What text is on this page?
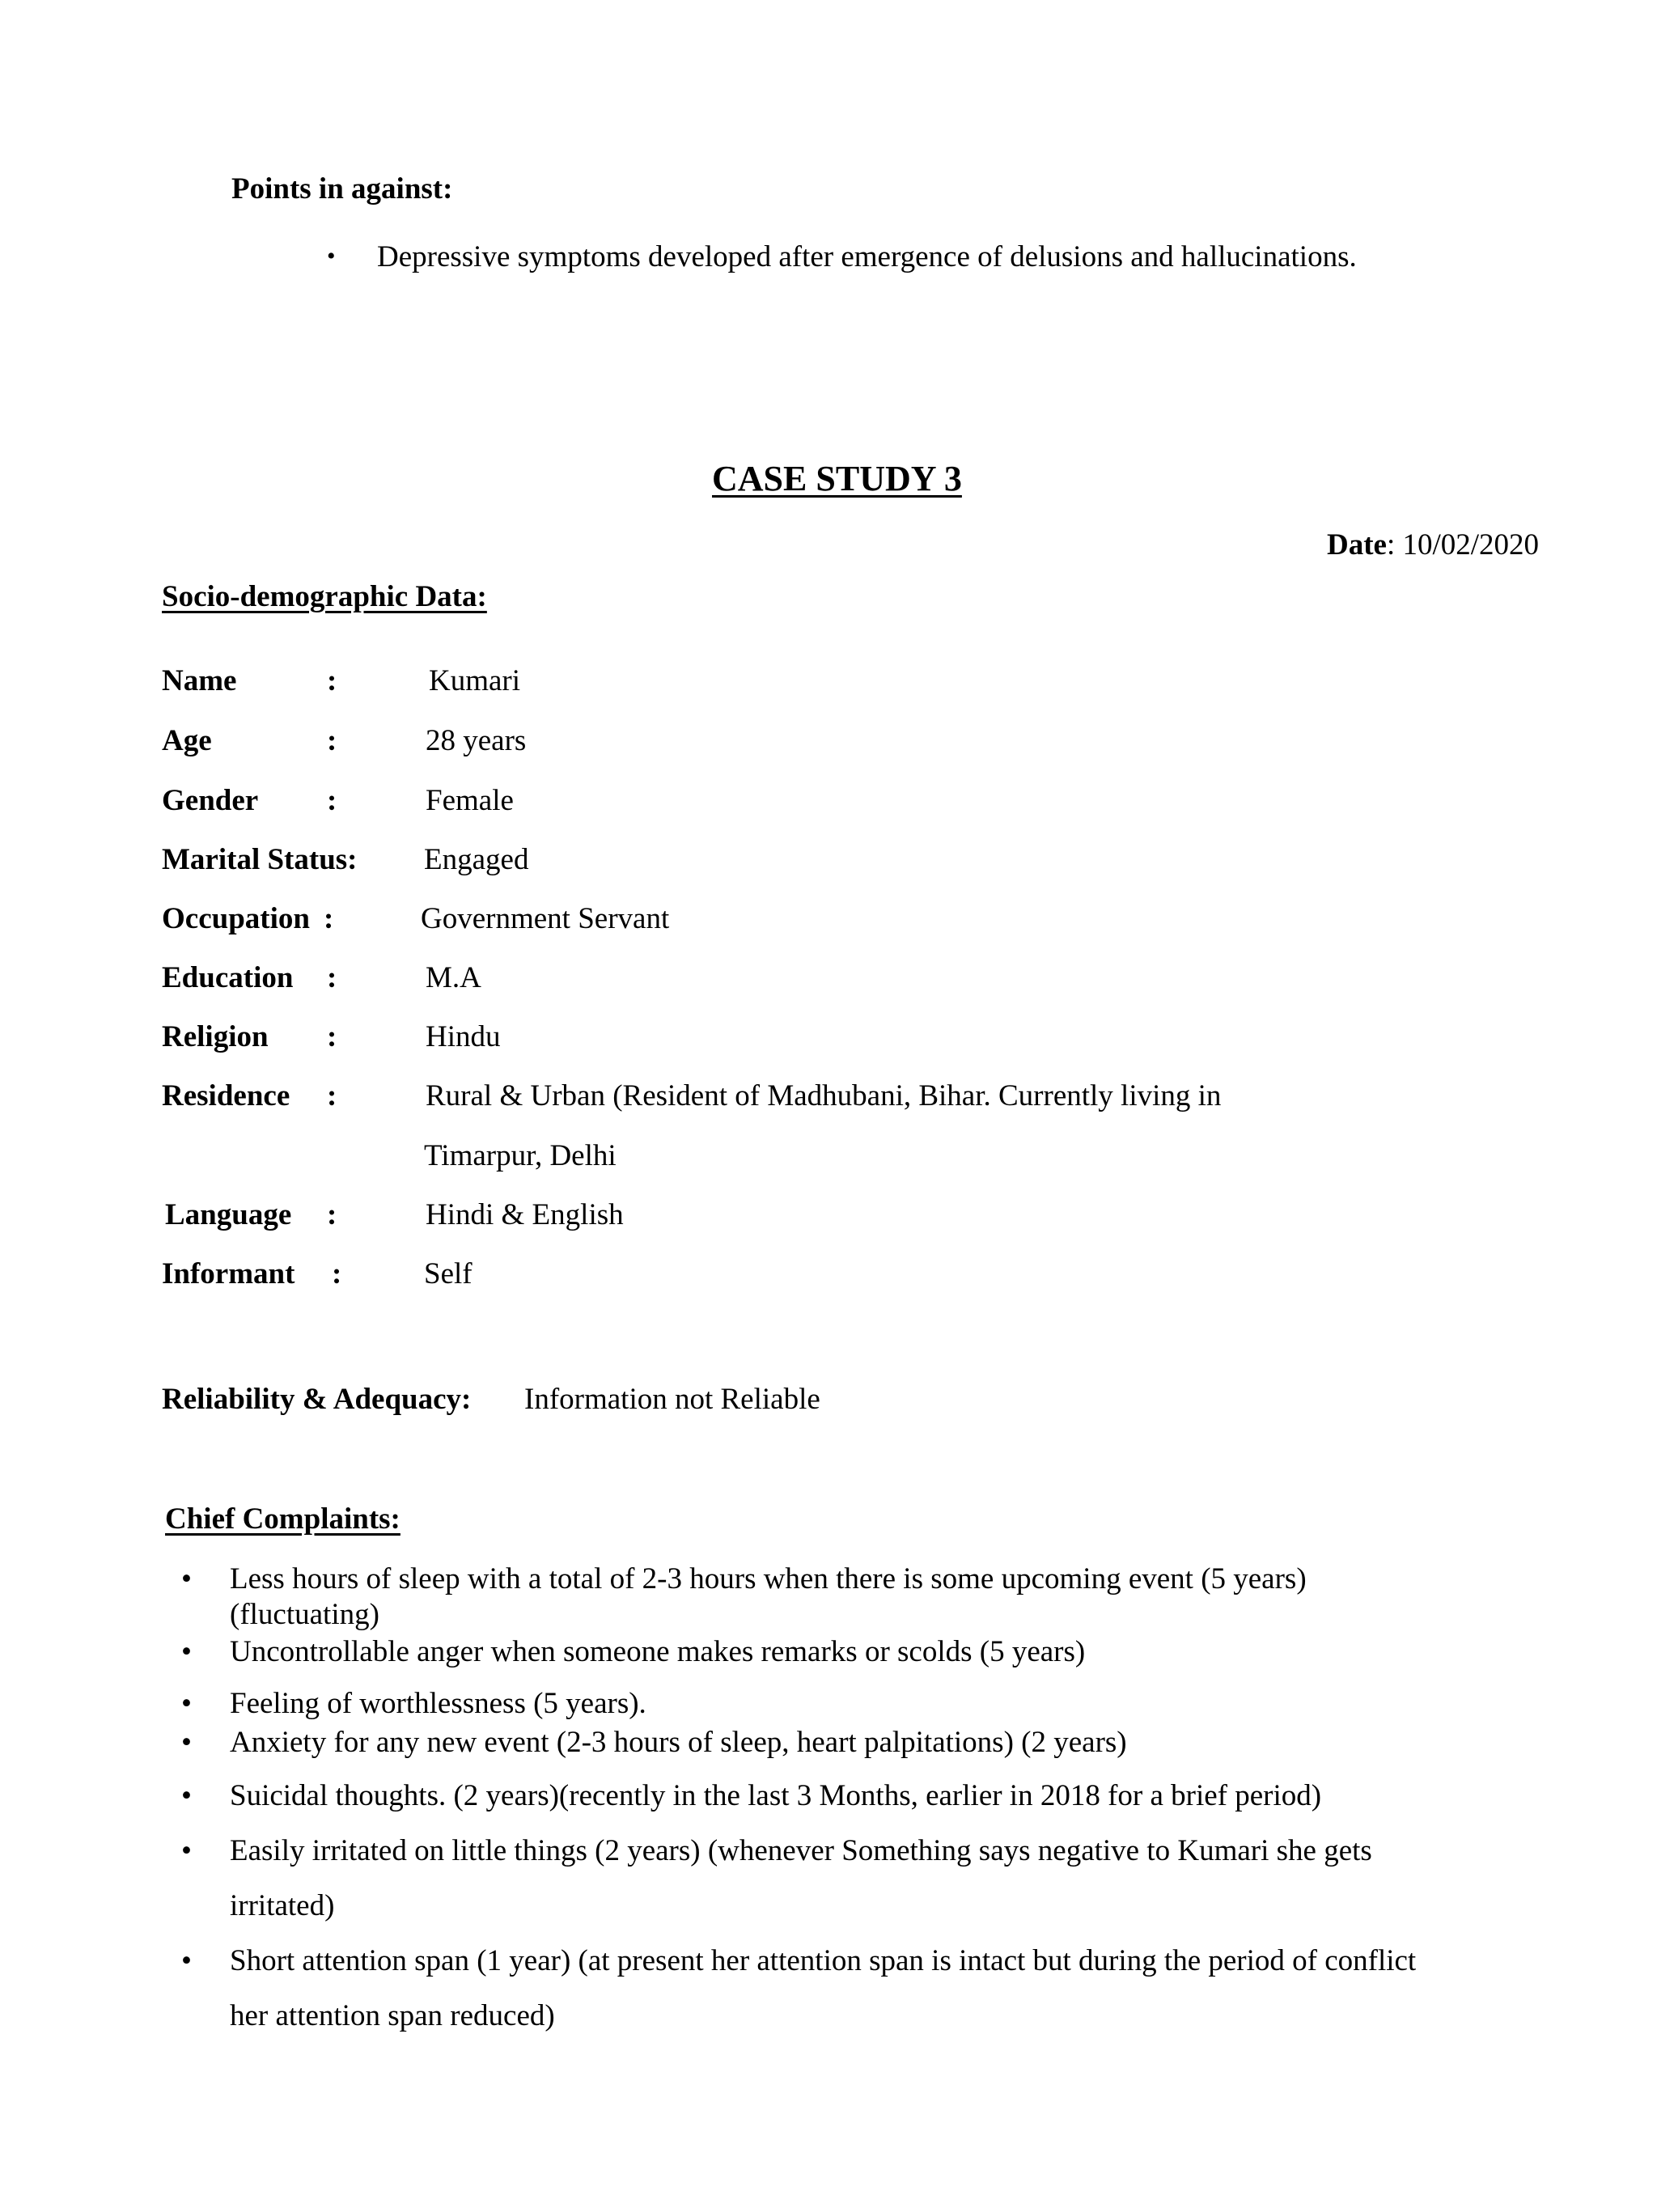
Points in against:
• Depressive symptoms developed after emergence of delusions and hallucinations.
CASE STUDY 3
Date: 10/02/2020
Socio-demographic Data:
Name	:	Kumari
Age	:	28 years
Gender :	Female
Marital Status: Engaged
Occupation :	Government Servant
Education :	M.A
Religion :	Hindu
Residence :	Rural & Urban (Resident of Madhubani, Bihar. Currently living in
Timarpur, Delhi
Language :	Hindi & English
Informant :	Self
Reliability & Adequacy: Information not Reliable
Chief Complaints:
• Less hours of sleep with a total of 2-3 hours when there is some upcoming event (5 years)
(fluctuating)
• Uncontrollable anger when someone makes remarks or scolds (5 years)
• Feeling of worthlessness (5 years).
• Anxiety for any new event (2-3 hours of sleep, heart palpitations) (2 years)
• Suicidal thoughts. (2 years)(recently in the last 3 Months, earlier in 2018 for a brief period)
• Easily irritated on little things (2 years) (whenever Something says negative to Kumari she gets
irritated)
• Short attention span (1 year) (at present her attention span is intact but during the period of conflict
her attention span reduced)
